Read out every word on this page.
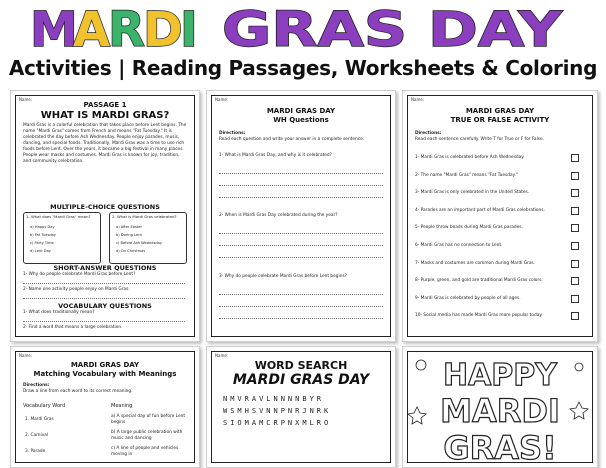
M
A
R
D
I GRAS DAY
Activities | Reading Passages, Worksheets & Coloring
Name:
PASSAGE 1
WHAT IS MARDI GRAS?
Mardi Gras is a colorful celebration that takes place before Lent begins. The name "Mardi Gras" comes from French and means "Fat Tuesday." It is celebrated the day before Ash Wednesday. People enjoy parades, music, dancing, and special foods. Traditionally, Mardi Gras was a time to use rich foods before Lent. Over the years, it became a big festival in many places. People wear masks and costumes. Mardi Gras is known for joy, tradition, and community celebration.
MULTIPLE-CHOICE QUESTIONS
1- What does "Mardi Gras" mean?
a) Happy Day
b) Fat Tuesday
c) Party Time
d) Lent Day
2- What is Mardi Gras celebrated?
a) After Easter
b) During Lent
c) Before Ash Wednesday
d) On Christmas
SHORT-ANSWER QUESTIONS
1- Why do people celebrate Mardi Gras before Lent?
2- Name one activity people enjoy on Mardi Gras.
VOCABULARY QUESTIONS
1- What does traditionally mean?
2- Find a word that means a large celebration.
Name:
MARDI GRAS DAY
WH Questions
Directions:
Read each question and write your answer in a complete sentence.
1- What is Mardi Gras Day, and why is it celebrated?
2- When is Mardi Gras Day celebrated during the year?
3- Why do people celebrate Mardi Gras before Lent begins?
Name:
MARDI GRAS DAY
TRUE OR FALSE ACTIVITY
Directions:
Read each sentence carefully. Write T for True or F for False.
1- Mardi Gras is celebrated before Ash Wednesday.
2- The name "Mardi Gras" means "Fat Tuesday."
3- Mardi Gras is only celebrated in the United States.
4- Parades are an important part of Mardi Gras celebrations.
5- People throw beads during Mardi Gras parades.
6- Mardi Gras has no connection to Lent.
7- Masks and costumes are common during Mardi Gras.
8- Purple, green, and gold are traditional Mardi Gras colors.
9- Mardi Gras is celebrated by people of all ages.
10- Social media has made Mardi Gras more popular today.
Name:
MARDI GRAS DAY
Matching Vocabulary with Meanings
Directions:
Draw a line from each word to its correct meaning.
Vocabulary Word	Meaning
1. Mardi Gras
2. Carnival
3. Parade
a) A special day of fun before Lent begins
b) A large public celebration with music and dancing
c) A line of people and vehicles moving in
Name:
WORD SEARCH
MARDI GRAS DAY
NMVRAVLNNNNBYR
WSMHSVNNPNRJNRK
SIOMAMCRPNXMLRO
HAPPY
MARDI
GRAS!
